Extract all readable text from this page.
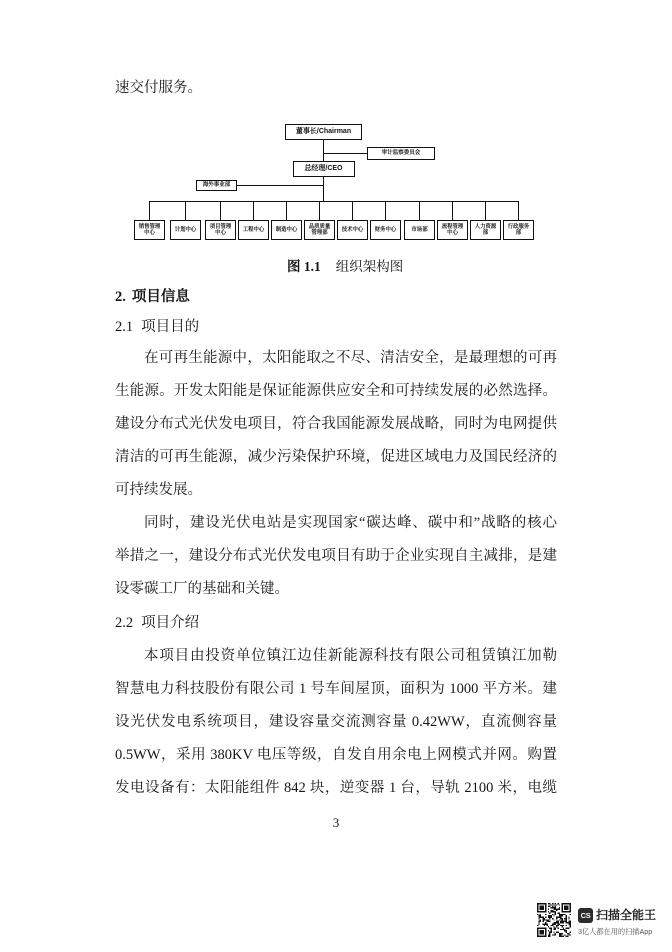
速交付服务。
董事长/Chairman
审计监察委员会
总经理/CEO
海外事业部
销售管理中心
计划中心
项目管理中心
工程中心	制造中心
品质质量管理部
技术中心	财务中心	市场部
流程管理中心
人力资源部
行政服务部
图 1.1 组织架构图
2. 项目信息
2.1 项目目的
在可再生能源中，太阳能取之不尽、清洁安全，是最理想的可再
生能源。开发太阳能是保证能源供应安全和可持续发展的必然选择。
建设分布式光伏发电项目，符合我国能源发展战略，同时为电网提供
清洁的可再生能源，减少污染保护环境，促进区域电力及国民经济的
可持续发展。
同时，建设光伏电站是实现国家“碳达峰、碳中和”战略的核心
举措之一，建设分布式光伏发电项目有助于企业实现自主减排，是建
设零碳工厂的基础和关键。
2.2 项目介绍
本项目由投资单位镇江边佳新能源科技有限公司租赁镇江加勒
智慧电力科技股份有限公司 1 号车间屋顶，面积为 1000 平方米。建
设光伏发电系统项目，建设容量交流测容量 0.42WW，直流侧容量
0.5WW，采用 380KV 电压等级，自发自用余电上网模式并网。购置
发电设备有：太阳能组件 842 块，逆变器 1 台，导轨 2100 米，电缆
3
CS 扫描全能王
3亿人都在用的扫描App
